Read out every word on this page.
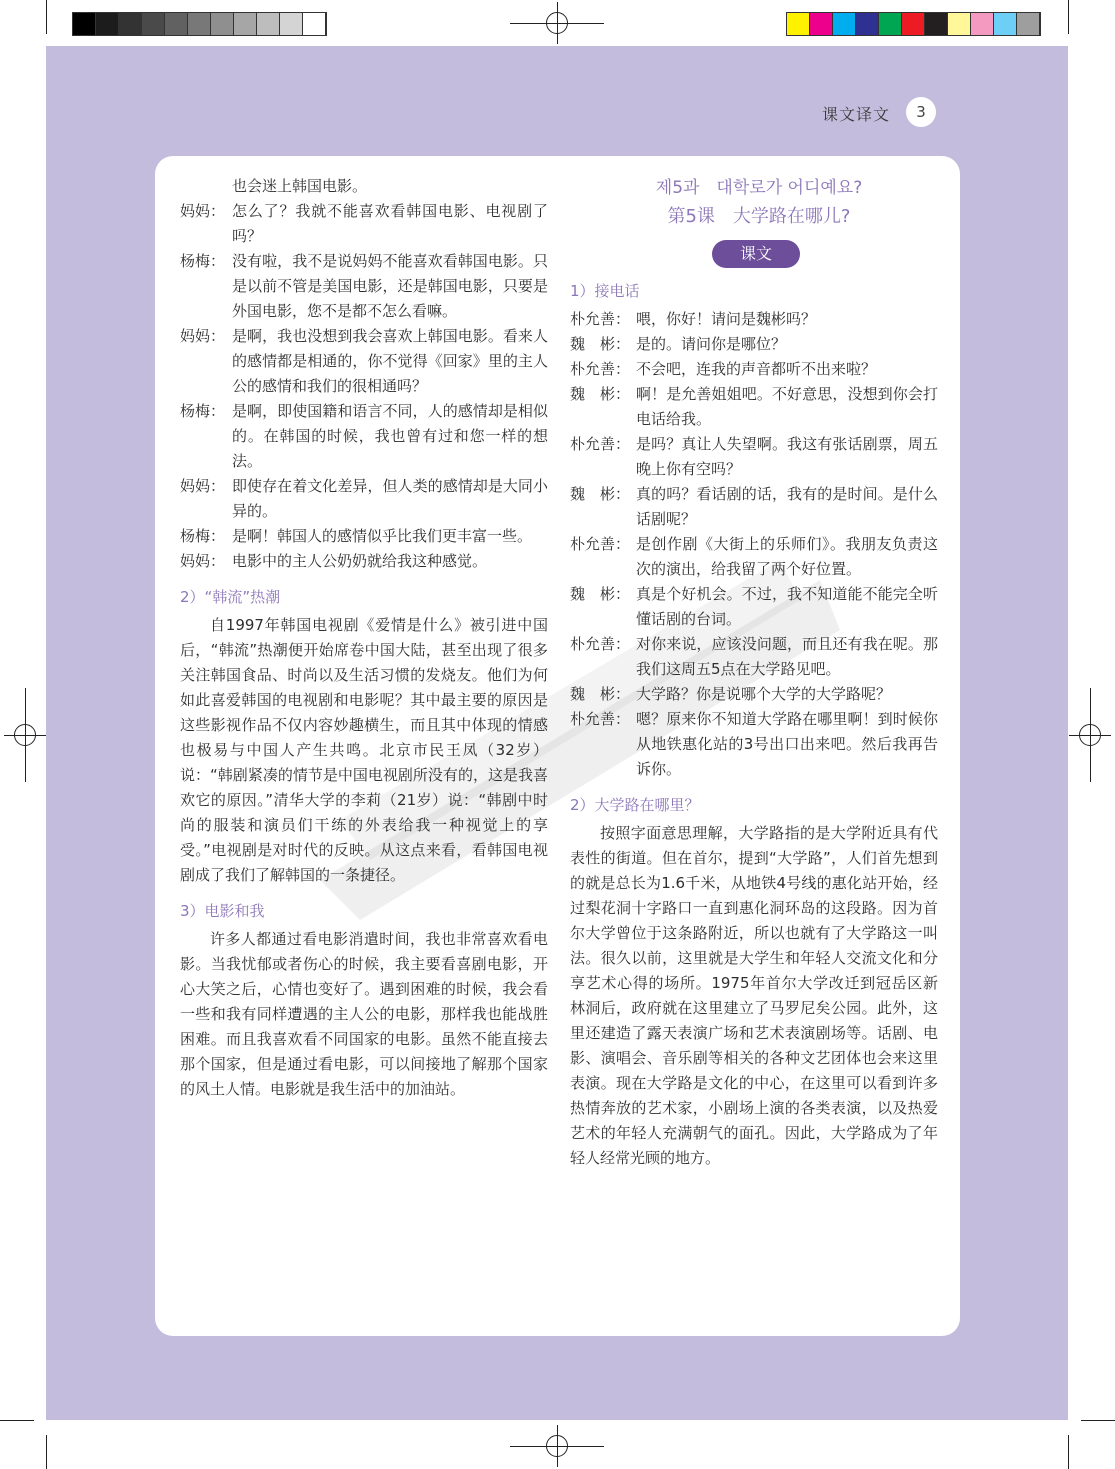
课文译文	3
也会迷上韩国电影。
妈妈： 怎么了？我就不能喜欢看韩国电影、电视剧了吗？
杨梅： 没有啦，我不是说妈妈不能喜欢看韩国电影。只是以前不管是美国电影，还是韩国电影，只要是外国电影，您不是都不怎么看嘛。
妈妈： 是啊，我也没想到我会喜欢上韩国电影。看来人的感情都是相通的，你不觉得《回家》里的主人公的感情和我们的很相通吗？
杨梅： 是啊，即使国籍和语言不同，人的感情却是相似的。在韩国的时候，我也曾有过和您一样的想法。
妈妈： 即使存在着文化差异，但人类的感情却是大同小异的。
杨梅： 是啊！韩国人的感情似乎比我们更丰富一些。
妈妈： 电影中的主人公奶奶就给我这种感觉。
2）“韩流”热潮
自1997年韩国电视剧《爱情是什么》被引进中国后，“韩流”热潮便开始席卷中国大陆，甚至出现了很多关注韩国食品、时尚以及生活习惯的发烧友。他们为何如此喜爱韩国的电视剧和电影呢？其中最主要的原因是这些影视作品不仅内容妙趣横生，而且其中体现的情感也极易与中国人产生共鸣。北京市民王凤（32岁）说：“韩剧紧凑的情节是中国电视剧所没有的，这是我喜欢它的原因。”清华大学的李莉（21岁）说：“韩剧中时尚的服装和演员们干练的外表给我一种视觉上的享受。”电视剧是对时代的反映。从这点来看，看韩国电视剧成了我们了解韩国的一条捷径。
3）电影和我
许多人都通过看电影消遣时间，我也非常喜欢看电影。当我忧郁或者伤心的时候，我主要看喜剧电影，开心大笑之后，心情也变好了。遇到困难的时候，我会看一些和我有同样遭遇的主人公的电影，那样我也能战胜困难。而且我喜欢看不同国家的电影。虽然不能直接去那个国家，但是通过看电影，可以间接地了解那个国家的风土人情。电影就是我生活中的加油站。
제5과　대학로가 어디예요?
第5课　大学路在哪儿?
课文
1）接电话
朴允善： 喂，你好！请问是魏彬吗？
魏　彬： 是的。请问你是哪位？
朴允善： 不会吧，连我的声音都听不出来啦？
魏　彬： 啊！是允善姐姐吧。不好意思，没想到你会打电话给我。
朴允善： 是吗？真让人失望啊。我这有张话剧票，周五晚上你有空吗？
魏　彬： 真的吗？看话剧的话，我有的是时间。是什么话剧呢？
朴允善： 是创作剧《大街上的乐师们》。我朋友负责这次的演出，给我留了两个好位置。
魏　彬： 真是个好机会。不过，我不知道能不能完全听懂话剧的台词。
朴允善： 对你来说，应该没问题，而且还有我在呢。那我们这周五5点在大学路见吧。
魏　彬： 大学路？你是说哪个大学的大学路呢？
朴允善： 嗯？原来你不知道大学路在哪里啊！到时候你从地铁惠化站的3号出口出来吧。然后我再告诉你。
2）大学路在哪里？
按照字面意思理解，大学路指的是大学附近具有代表性的街道。但在首尔，提到“大学路”，人们首先想到的就是总长为1.6千米，从地铁4号线的惠化站开始，经过梨花洞十字路口一直到惠化洞环岛的这段路。因为首尔大学曾位于这条路附近，所以也就有了大学路这一叫法。很久以前，这里就是大学生和年轻人交流文化和分享艺术心得的场所。1975年首尔大学改迁到冠岳区新林洞后，政府就在这里建立了马罗尼矣公园。此外，这里还建造了露天表演广场和艺术表演剧场等。话剧、电影、演唱会、音乐剧等相关的各种文艺团体也会来这里表演。现在大学路是文化的中心，在这里可以看到许多热情奔放的艺术家，小剧场上演的各类表演，以及热爱艺术的年轻人充满朝气的面孔。因此，大学路成为了年轻人经常光顾的地方。
